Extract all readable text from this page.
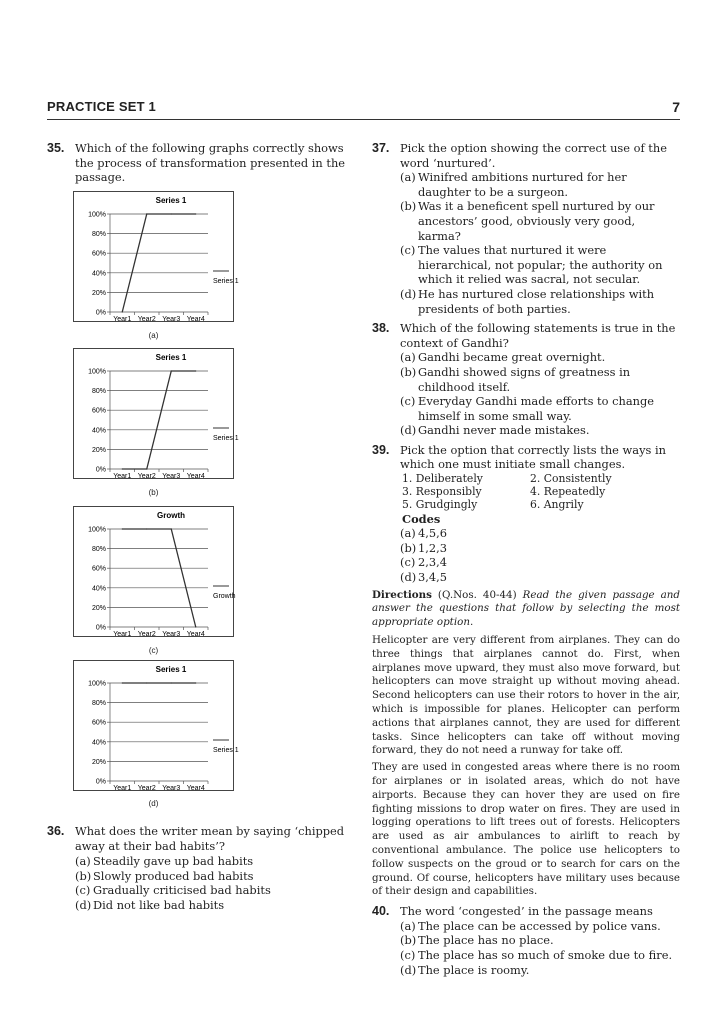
PRACTICE SET 1	7
35. Which of the following graphs correctly shows the process of transformation presented in the passage.
Series 1
0%
20%
40%
60%
80%
100%
Year1 Year2 Year3 Year4
Series 1
(a)
Series 1
0%
20%
40%
60%
80%
100%
Year1 Year2 Year3 Year4
Series 1
(b)
Growth
0%
20%
40%
60%
80%
100%
Year1 Year2 Year3 Year4
Growth
(c)
Series 1
0%
20%
40%
60%
80%
100%
Year1 Year2 Year3 Year4
Series 1
(d)
36. What does the writer mean by saying ‘chipped away at their bad habits’?
(a) Steadily gave up bad habits
(b) Slowly produced bad habits
(c) Gradually criticised bad habits
(d) Did not like bad habits
37. Pick the option showing the correct use of the word ‘nurtured’.
(a) Winifred ambitions nurtured for her daughter to be a surgeon.
(b) Was it a beneficent spell nurtured by our ancestors’ good, obviously very good, karma?
(c) The values that nurtured it were hierarchical, not popular; the authority on which it relied was sacral, not secular.
(d) He has nurtured close relationships with presidents of both parties.
38. Which of the following statements is true in the context of Gandhi?
(a) Gandhi became great overnight.
(b) Gandhi showed signs of greatness in childhood itself.
(c) Everyday Gandhi made efforts to change himself in some small way.
(d) Gandhi never made mistakes.
39. Pick the option that correctly lists the ways in which one must initiate small changes.
1. Deliberately	2. Consistently
3. Responsibly	4. Repeatedly
5. Grudgingly	6. Angrily
Codes
(a) 4,5,6
(b) 1,2,3
(c) 2,3,4
(d) 3,4,5
Directions (Q.Nos. 40-44) Read the given passage and answer the questions that follow by selecting the most appropriate option.
Helicopter are very different from airplanes. They can do three things that airplanes cannot do. First, when airplanes move upward, they must also move forward, but helicopters can move straight up without moving ahead. Second helicopters can use their rotors to hover in the air, which is impossible for planes. Helicopter can perform actions that airplanes cannot, they are used for different tasks. Since helicopters can take off without moving forward, they do not need a runway for take off.
They are used in congested areas where there is no room for airplanes or in isolated areas, which do not have airports. Because they can hover they are used on fire fighting missions to drop water on fires. They are used in logging operations to lift trees out of forests. Helicopters are used as air ambulances to airlift to reach by conventional ambulance. The police use helicopters to follow suspects on the groud or to search for cars on the ground. Of course, helicopters have military uses because of their design and capabilities.
40. The word ‘congested’ in the passage means
(a) The place can be accessed by police vans.
(b) The place has no place.
(c) The place has so much of smoke due to fire.
(d) The place is roomy.
